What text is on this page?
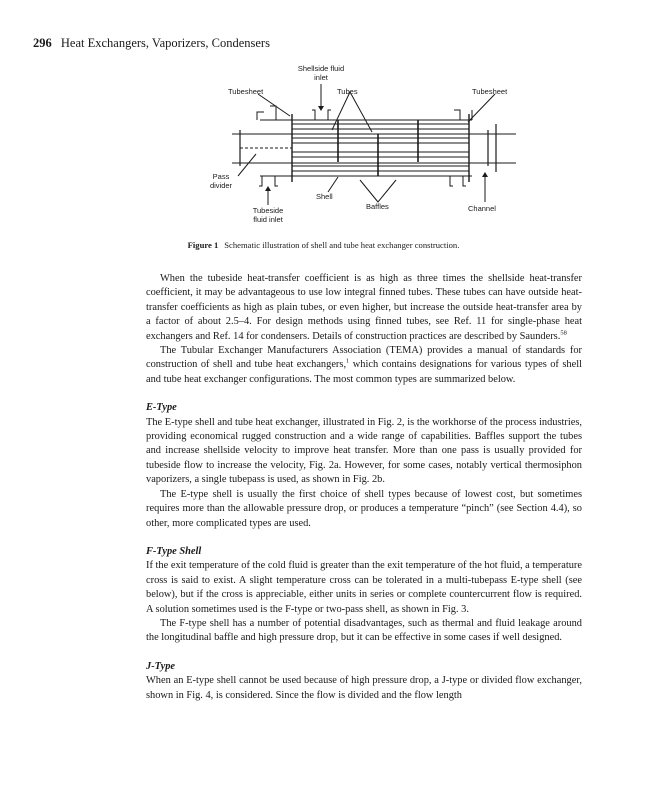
296 Heat Exchangers, Vaporizers, Condensers
Shellside fluid inlet
Tubesheet	Tubes	Tubesheet
Pass divider
Shell
Baffles	Channel
Tubeside fluid inlet
Figure 1 Schematic illustration of shell and tube heat exchanger construction.

When the tubeside heat-transfer coefficient is as high as three times the shellside heat-transfer coefficient, it may be advantageous to use low integral finned tubes. These tubes can have outside heat-transfer coefficients as high as plain tubes, or even higher, but increase the outside heat-transfer area by a factor of about 2.5–4. For design methods using finned tubes, see Ref. 11 for single-phase heat exchangers and Ref. 14 for condensers. Details of construction practices are described by Saunders.$^{58}$

The Tubular Exchanger Manufacturers Association (TEMA) provides a manual of standards for construction of shell and tube heat exchangers,$^1$ which contains designations for various types of shell and tube heat exchanger configurations. The most common types are summarized below.

E-Type

The E-type shell and tube heat exchanger, illustrated in Fig. 2, is the workhorse of the process industries, providing economical rugged construction and a wide range of capabilities. Baffles support the tubes and increase shellside velocity to improve heat transfer. More than one pass is usually provided for tubeside flow to increase the velocity, Fig. 2a. However, for some cases, notably vertical thermosiphon vaporizers, a single tubepass is used, as shown in Fig. 2b.

The E-type shell is usually the first choice of shell types because of lowest cost, but sometimes requires more than the allowable pressure drop, or produces a temperature “pinch” (see Section 4.4), so other, more complicated types are used.

F-Type Shell

If the exit temperature of the cold fluid is greater than the exit temperature of the hot fluid, a temperature cross is said to exist. A slight temperature cross can be tolerated in a multi-tubepass E-type shell (see below), but if the cross is appreciable, either units in series or complete countercurrent flow is required. A solution sometimes used is the F-type or two-pass shell, as shown in Fig. 3.

The F-type shell has a number of potential disadvantages, such as thermal and fluid leakage around the longitudinal baffle and high pressure drop, but it can be effective in some cases if well designed.

J-Type

When an E-type shell cannot be used because of high pressure drop, a J-type or divided flow exchanger, shown in Fig. 4, is considered. Since the flow is divided and the flow length
